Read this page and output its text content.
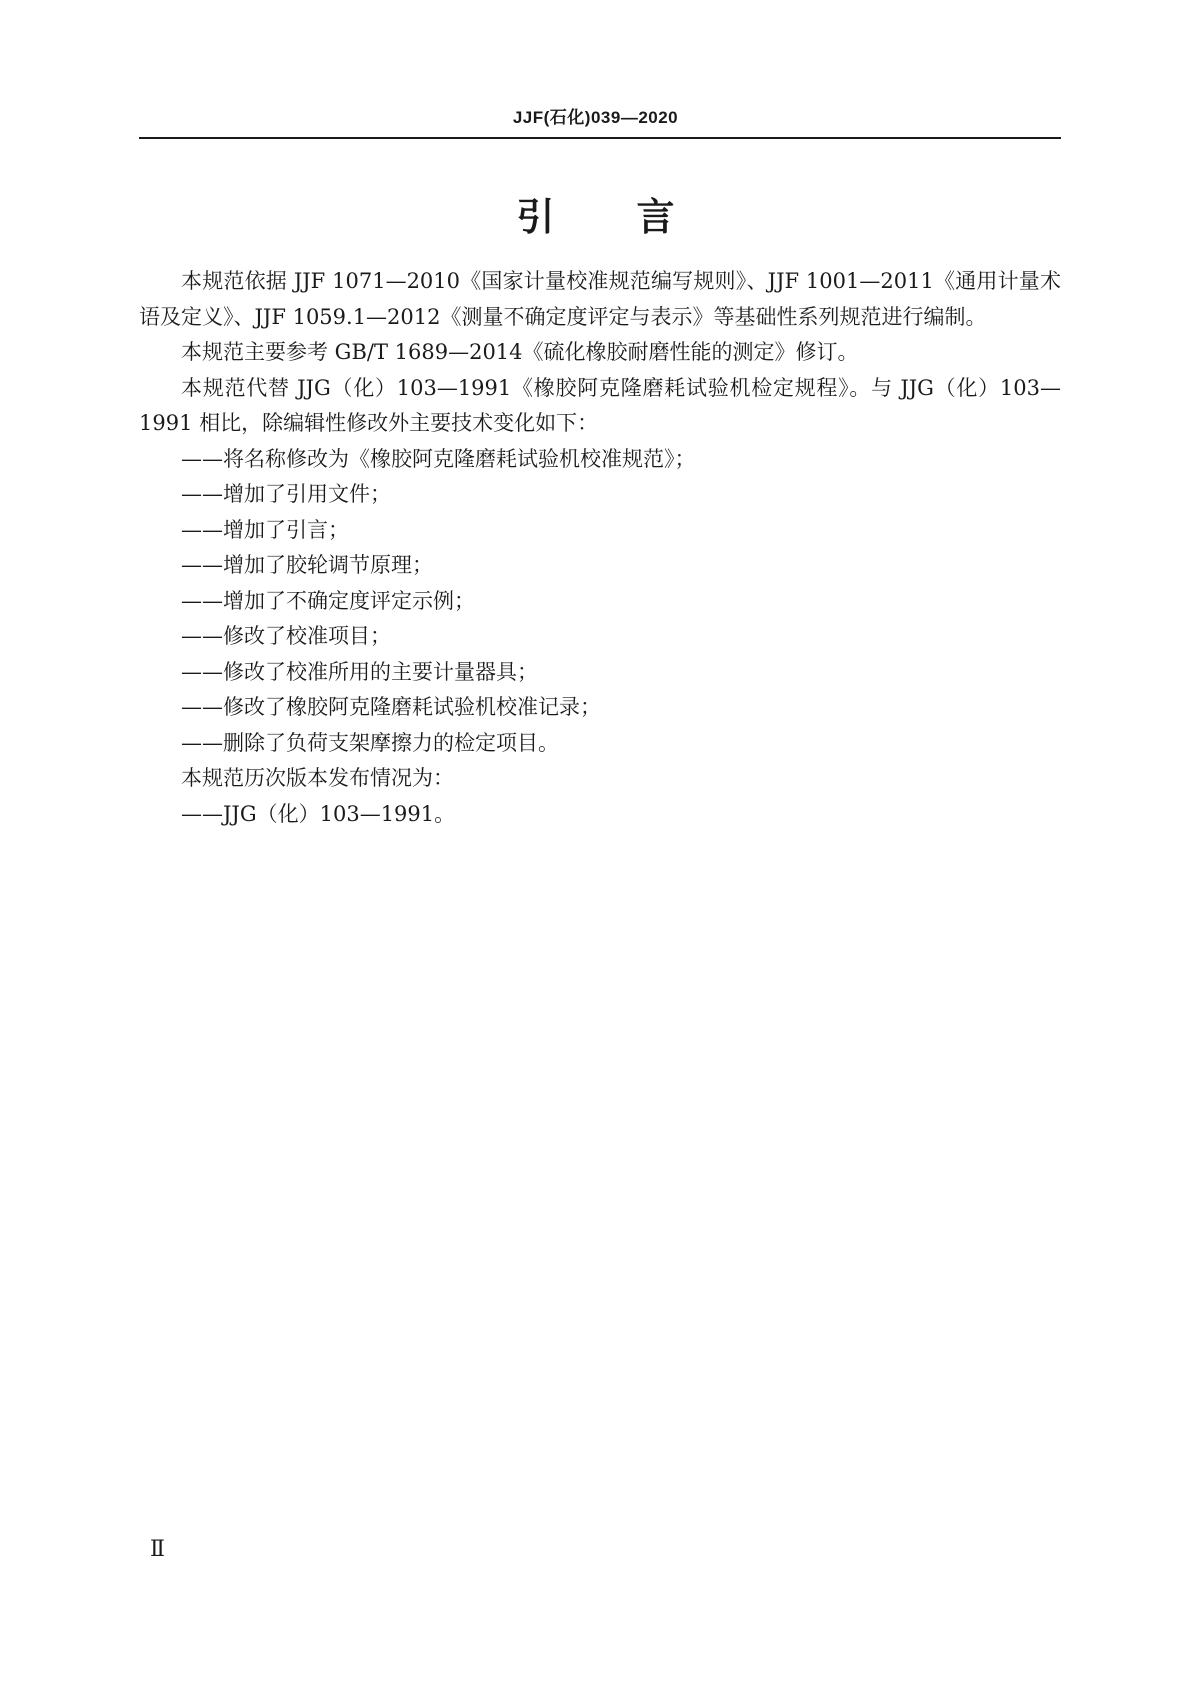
JJF(石化)039—2020
引言

本规范依据 JJF 1071—2010《国家计量校准规范编写规则》、JJF 1001—2011《通用计量术语及定义》、JJF 1059.1—2012《测量不确定度评定与表示》等基础性系列规范进行编制。

本规范主要参考 GB/T 1689—2014《硫化橡胶耐磨性能的测定》修订。

本规范代替 JJG（化）103—1991《橡胶阿克隆磨耗试验机检定规程》。与 JJG（化）103—1991 相比，除编辑性修改外主要技术变化如下：

——将名称修改为《橡胶阿克隆磨耗试验机校准规范》；

——增加了引用文件；

——增加了引言；

——增加了胶轮调节原理；

——增加了不确定度评定示例；

——修改了校准项目；

——修改了校准所用的主要计量器具；

——修改了橡胶阿克隆磨耗试验机校准记录；

——删除了负荷支架摩擦力的检定项目。

本规范历次版本发布情况为：

——JJG（化）103—1991。

Ⅱ
